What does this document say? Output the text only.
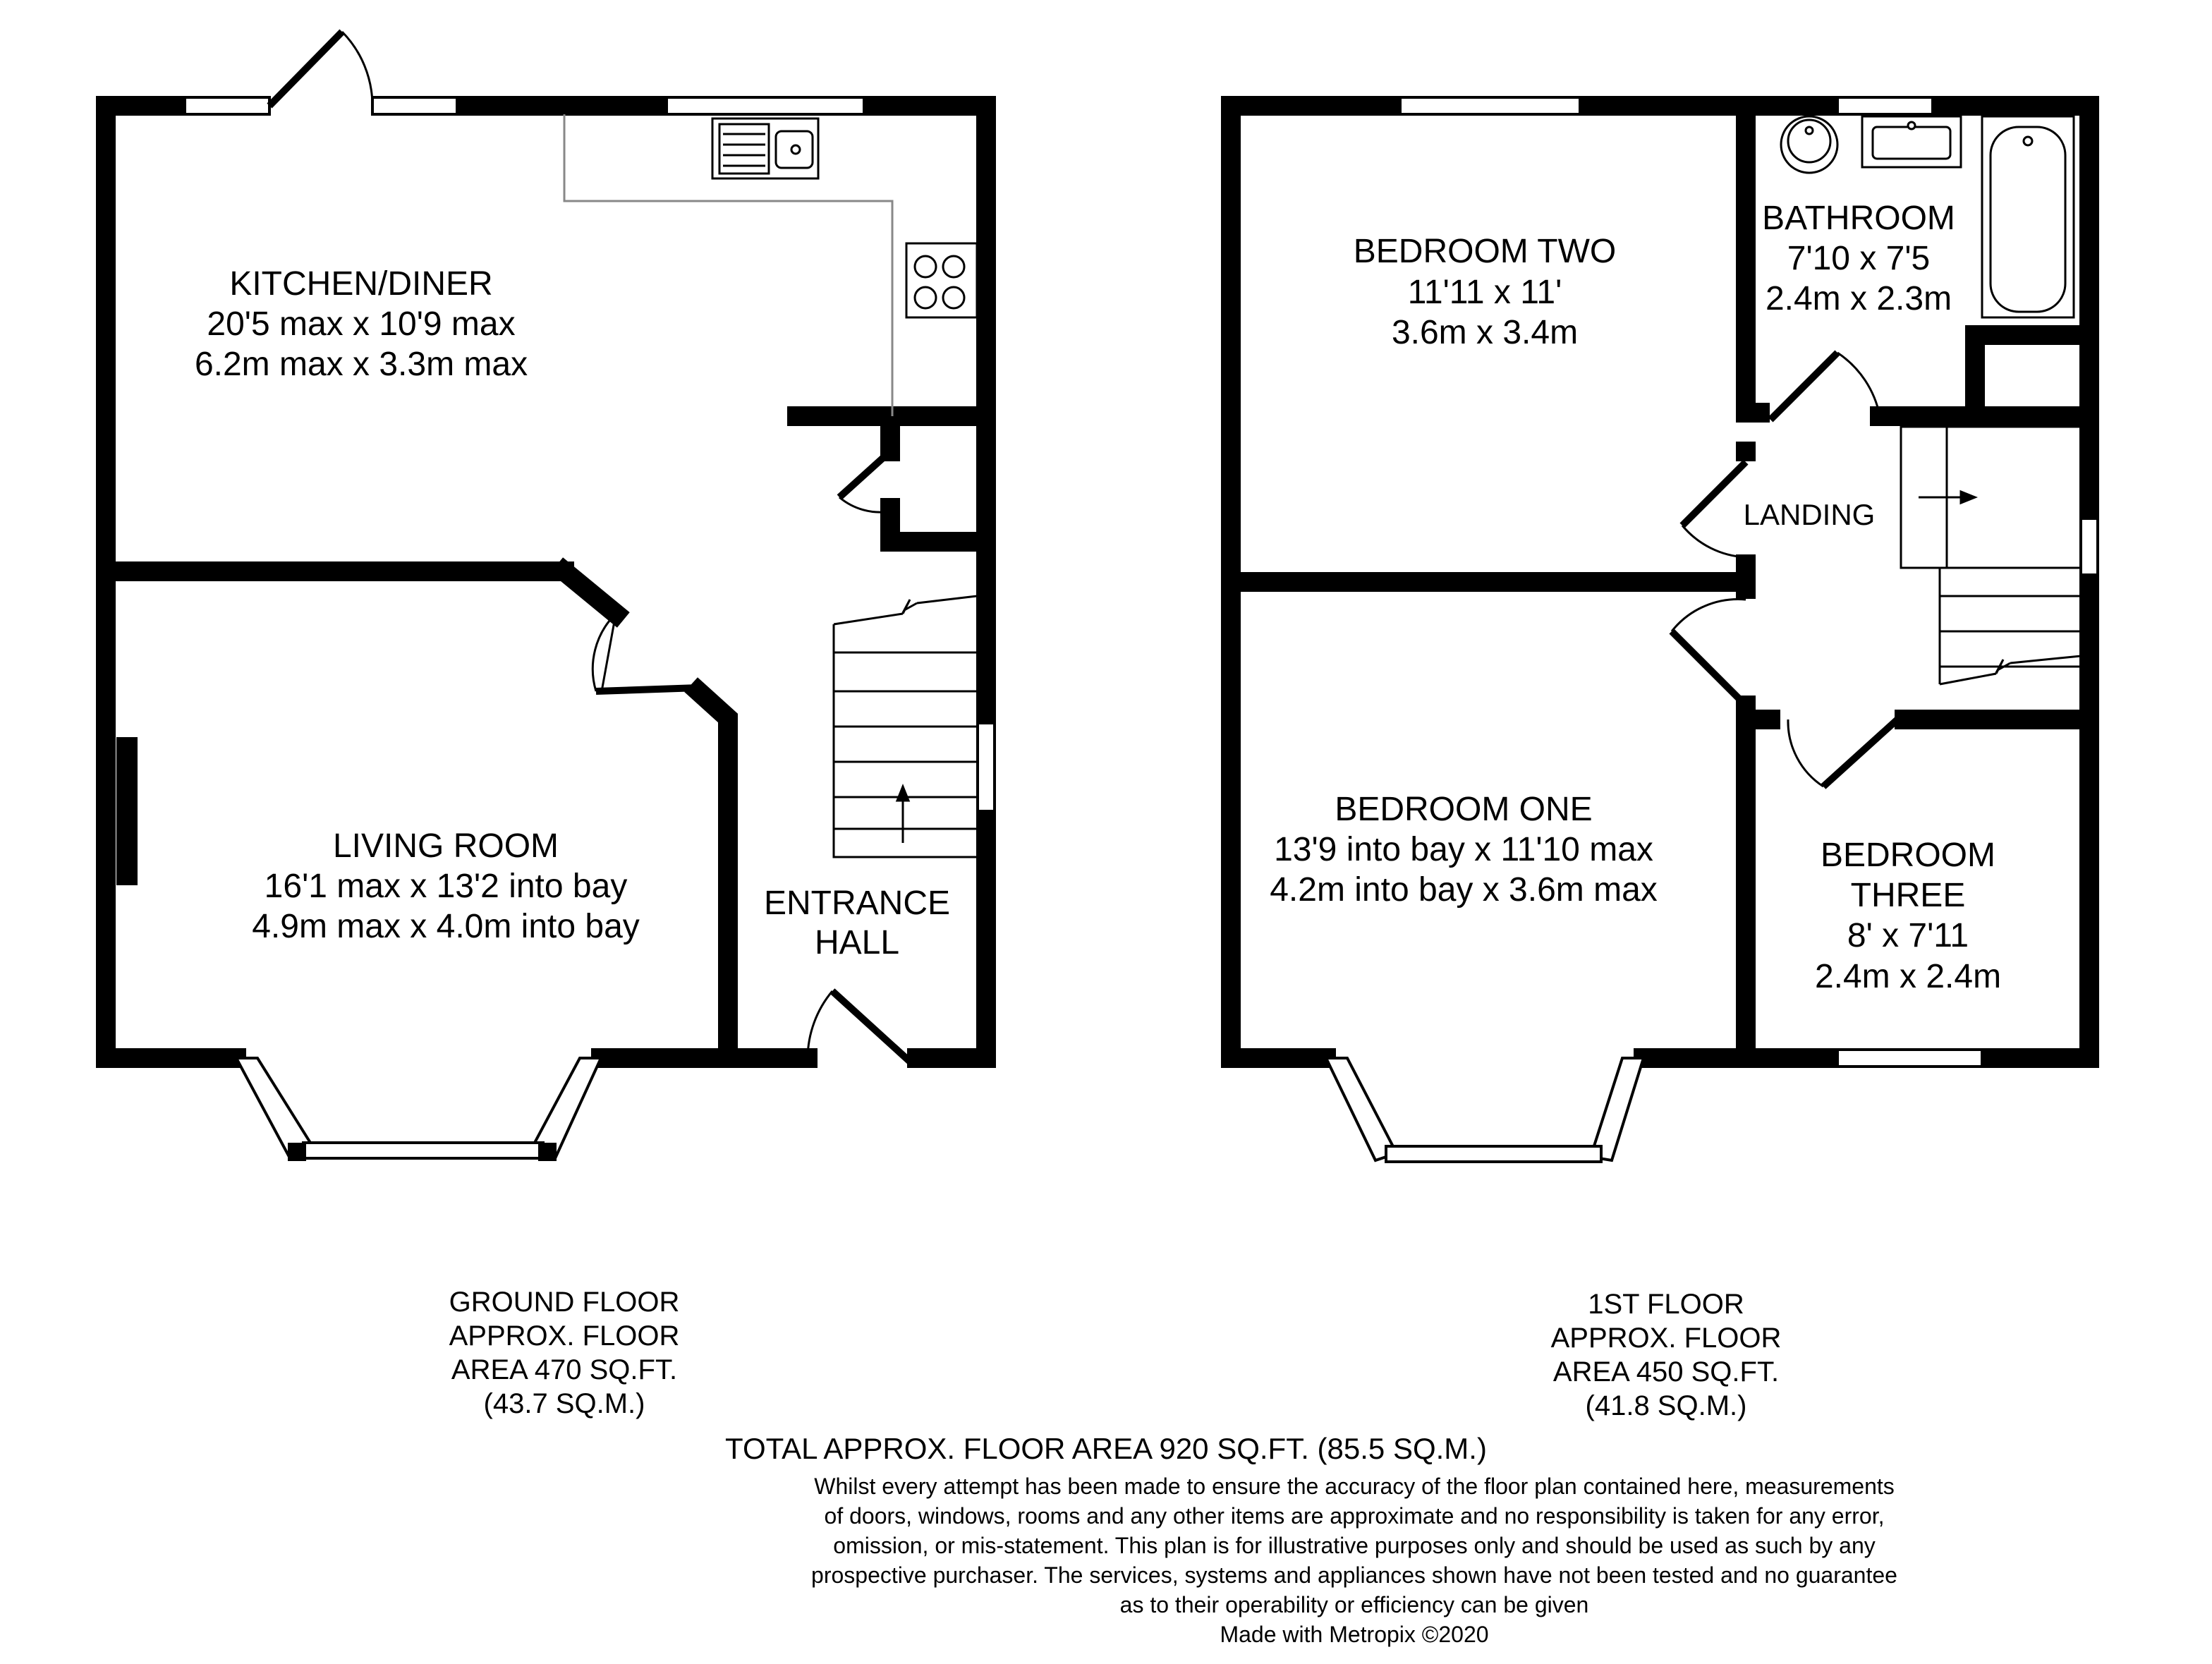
KITCHEN/DINER
20'5 max x 10'9 max
6.2m max x 3.3m max
LIVING ROOM
16'1 max x 13'2 into bay
4.9m max x 4.0m into bay
ENTRANCE
HALL
BEDROOM TWO
11'11 x 11'
3.6m x 3.4m
BATHROOM
7'10 x 7'5
2.4m x 2.3m
LANDING
BEDROOM ONE
13'9 into bay x 11'10 max
4.2m into bay x 3.6m max
BEDROOM
THREE
8' x 7'11
2.4m x 2.4m
GROUND FLOOR
APPROX. FLOOR
AREA 470 SQ.FT.
(43.7 SQ.M.)
1ST FLOOR
APPROX. FLOOR
AREA 450 SQ.FT.
(41.8 SQ.M.)
TOTAL APPROX. FLOOR AREA 920 SQ.FT. (85.5 SQ.M.)
Whilst every attempt has been made to ensure the accuracy of the floor plan contained here, measurements
of doors, windows, rooms and any other items are approximate and no responsibility is taken for any error,
omission, or mis-statement. This plan is for illustrative purposes only and should be used as such by any
prospective purchaser. The services, systems and appliances shown have not been tested and no guarantee
as to their operability or efficiency can be given
Made with Metropix ©2020
